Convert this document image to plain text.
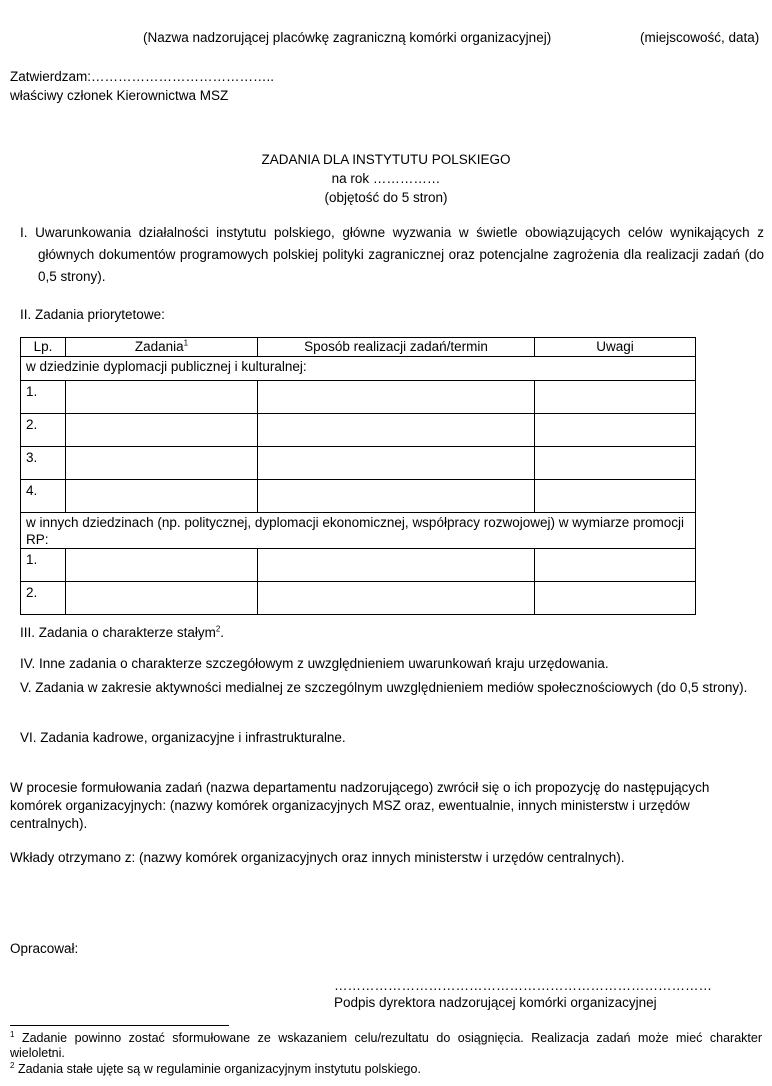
(Nazwa nadzorującej placówkę zagraniczną komórki organizacyjnej)	(miejscowość, data)
Zatwierdzam:…………………………………..
właściwy członek Kierownictwa MSZ
ZADANIA DLA INSTYTUTU POLSKIEGO
na rok ……………
(objętość do 5 stron)
I. Uwarunkowania działalności instytutu polskiego, główne wyzwania w świetle obowiązujących celów wynikających z głównych dokumentów programowych polskiej polityki zagranicznej oraz potencjalne zagrożenia dla realizacji zadań (do 0,5 strony).
II. Zadania priorytetowe:
Lp.	Zadania$^1$	Sposób realizacji zadań/termin	Uwagi
w dziedzinie dyplomacji publicznej i kulturalnej:			
1.			
2.			
3.			
4.			
w innych dziedzinach (np. politycznej, dyplomacji ekonomicznej, współpracy rozwojowej) w wymiarze promocji RP:			
1.			
2.			
III. Zadania o charakterze stałym$^2$.
IV. Inne zadania o charakterze szczegółowym z uwzględnieniem uwarunkowań kraju urzędowania.
V. Zadania w zakresie aktywności medialnej ze szczególnym uwzględnieniem mediów społecznościowych (do 0,5 strony).
VI. Zadania kadrowe, organizacyjne i infrastrukturalne.
W procesie formułowania zadań (nazwa departamentu nadzorującego) zwrócił się o ich propozycję do następujących komórek organizacyjnych: (nazwy komórek organizacyjnych MSZ oraz, ewentualnie, innych ministerstw i urzędów centralnych).
Wkłady otrzymano z: (nazwy komórek organizacyjnych oraz innych ministerstw i urzędów centralnych).
Opracował:
…………………………………………………………………………
Podpis dyrektora nadzorującej komórki organizacyjnej
$^1$ Zadanie powinno zostać sformułowane ze wskazaniem celu/rezultatu do osiągnięcia. Realizacja zadań może mieć charakter wieloletni.
$^2$ Zadania stałe ujęte są w regulaminie organizacyjnym instytutu polskiego.
